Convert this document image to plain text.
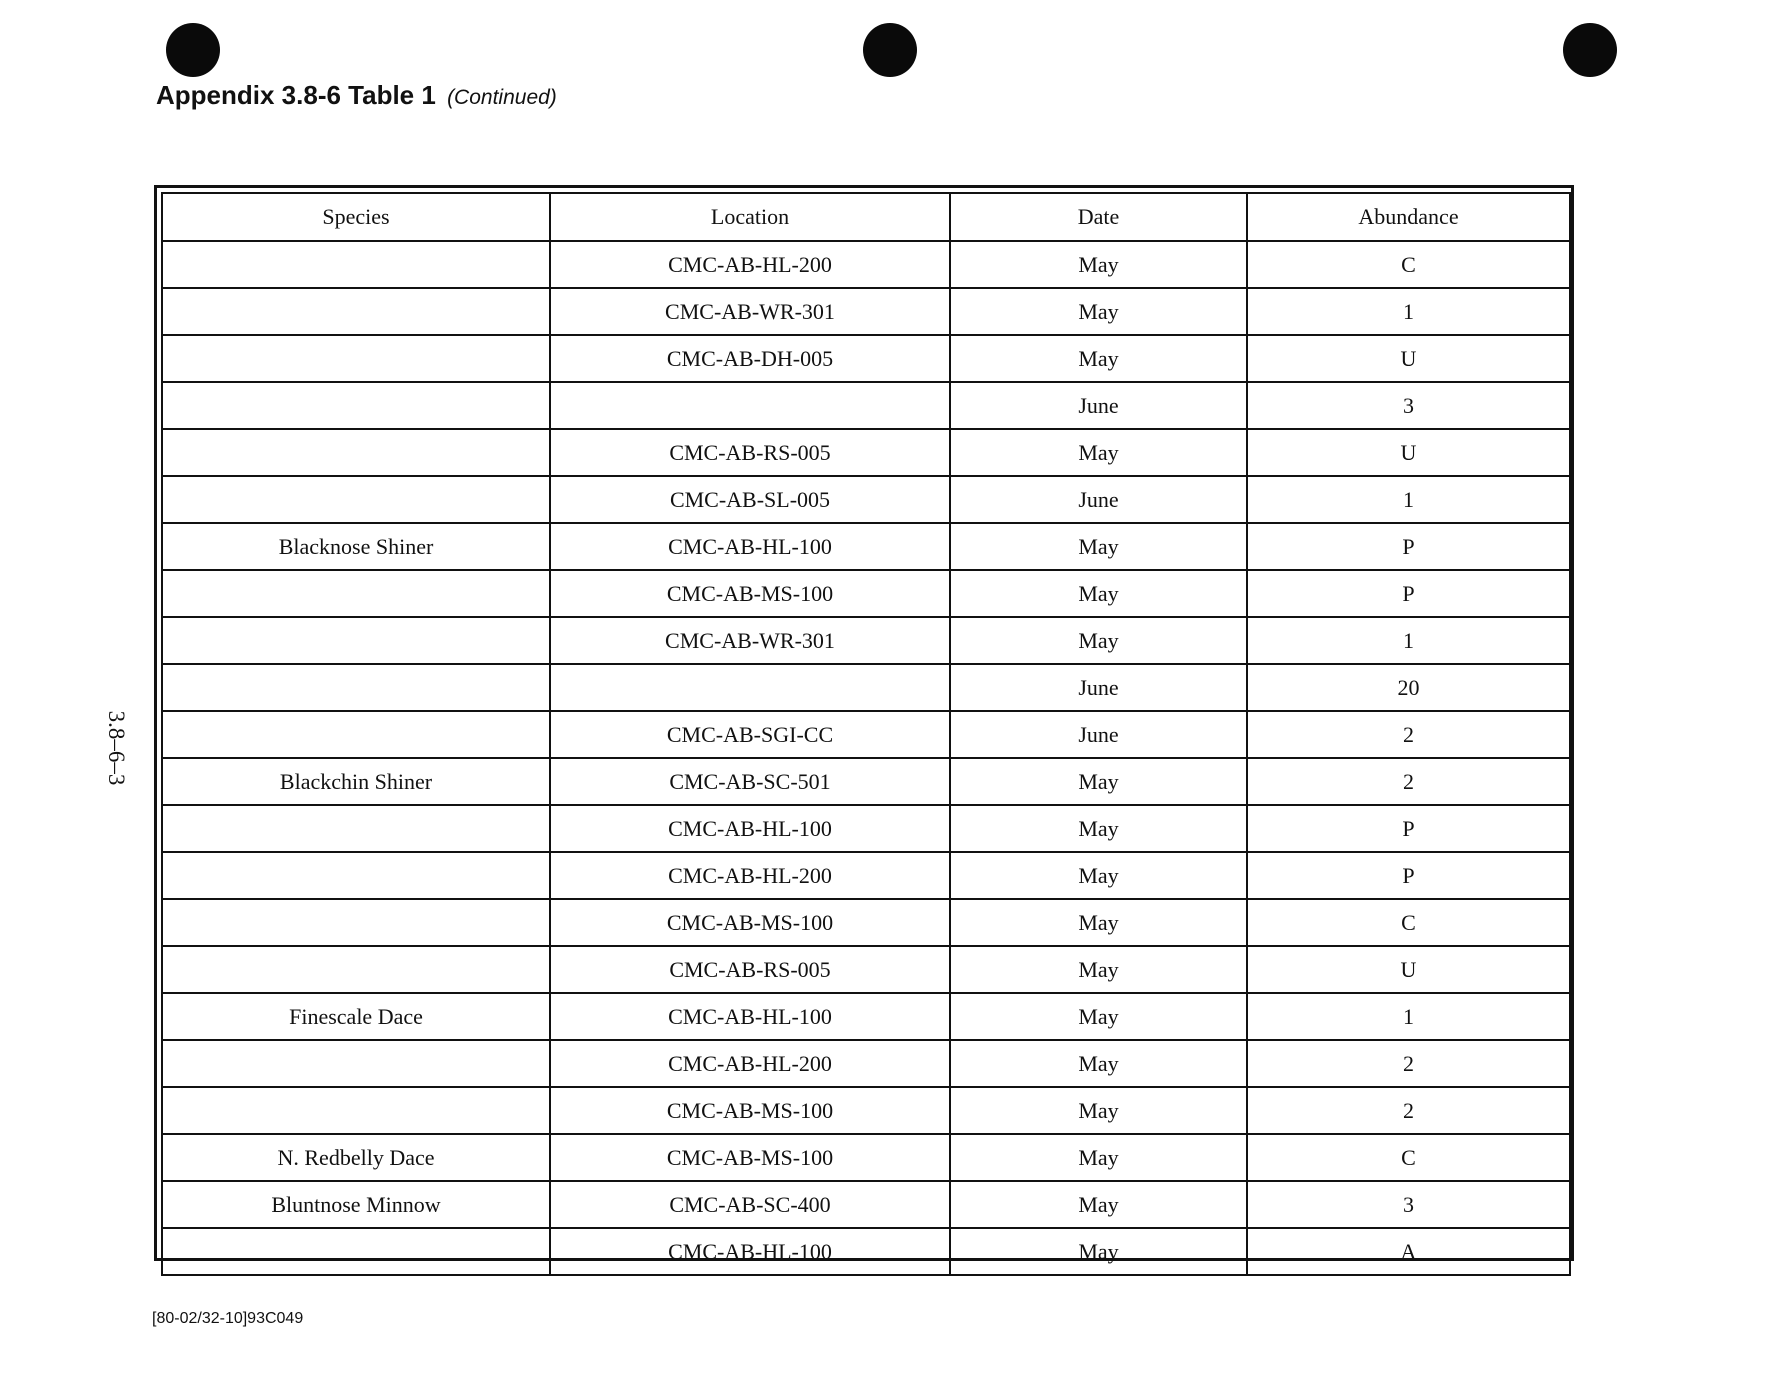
Appendix 3.8-6 Table 1 (Continued)
3.8–6–3
Species	Location	Date	Abundance
	CMC-AB-HL-200	May	C
	CMC-AB-WR-301	May	1
	CMC-AB-DH-005	May	U
		June	3
	CMC-AB-RS-005	May	U
	CMC-AB-SL-005	June	1
Blacknose Shiner	CMC-AB-HL-100	May	P
	CMC-AB-MS-100	May	P
	CMC-AB-WR-301	May	1
		June	20
	CMC-AB-SGI-CC	June	2
Blackchin Shiner	CMC-AB-SC-501	May	2
	CMC-AB-HL-100	May	P
	CMC-AB-HL-200	May	P
	CMC-AB-MS-100	May	C
	CMC-AB-RS-005	May	U
Finescale Dace	CMC-AB-HL-100	May	1
	CMC-AB-HL-200	May	2
	CMC-AB-MS-100	May	2
N. Redbelly Dace	CMC-AB-MS-100	May	C
Bluntnose Minnow	CMC-AB-SC-400	May	3
	CMC-AB-HL-100	May	A
[80-02/32-10]93C049
